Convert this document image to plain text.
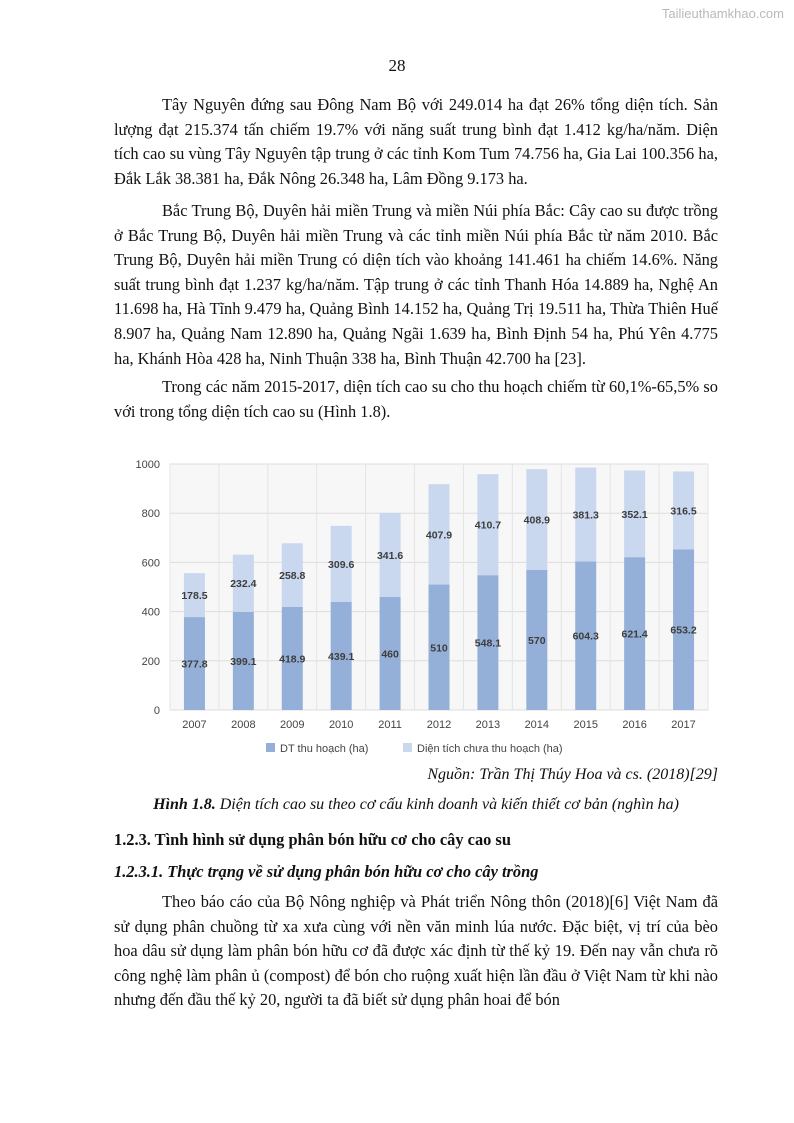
Tailieuthamkhao.com
28

Tây Nguyên đứng sau Đông Nam Bộ với 249.014 ha đạt 26% tổng diện tích. Sản lượng đạt 215.374 tấn chiếm 19.7% với năng suất trung bình đạt 1.412 kg/ha/năm. Diện tích cao su vùng Tây Nguyên tập trung ở các tỉnh Kom Tum 74.756 ha, Gia Lai 100.356 ha, Đắk Lắk 38.381 ha, Đắk Nông 26.348 ha, Lâm Đồng 9.173 ha.

Bắc Trung Bộ, Duyên hải miền Trung và miền Núi phía Bắc: Cây cao su được trồng ở Bắc Trung Bộ, Duyên hải miền Trung và các tỉnh miền Núi phía Bắc từ năm 2010. Bắc Trung Bộ, Duyên hải miền Trung có diện tích vào khoảng 141.461 ha chiếm 14.6%. Năng suất trung bình đạt 1.237 kg/ha/năm. Tập trung ở các tỉnh Thanh Hóa 14.889 ha, Nghệ An 11.698 ha, Hà Tĩnh 9.479 ha, Quảng Bình 14.152 ha, Quảng Trị 19.511 ha, Thừa Thiên Huế 8.907 ha, Quảng Nam 12.890 ha, Quảng Ngãi 1.639 ha, Bình Định 54 ha, Phú Yên 4.775 ha, Khánh Hòa 428 ha, Ninh Thuận 338 ha, Bình Thuận 42.700 ha [23].

Trong các năm 2015-2017, diện tích cao su cho thu hoạch chiếm từ 60,1%-65,5% so với trong tổng diện tích cao su (Hình 1.8).

0
200
400
600
800
1000
377.8
178.5
399.1
232.4
418.9
258.8
439.1
309.6
460
341.6
510
407.9
548.1
410.7
570
408.9
604.3
381.3
621.4
352.1
653.2
316.5
2007 2008 2009 2010 2011 2012 2013 2014 2015 2016 2017
DT thu hoạch (ha)	Diện tích chưa thu hoạch (ha)
Nguồn: Trần Thị Thúy Hoa và cs. (2018)[29]
Hình 1.8. Diện tích cao su theo cơ cấu kinh doanh và kiến thiết cơ bản (nghìn ha)
1.2.3. Tình hình sử dụng phân bón hữu cơ cho cây cao su
1.2.3.1. Thực trạng về sử dụng phân bón hữu cơ cho cây trồng

Theo báo cáo của Bộ Nông nghiệp và Phát triển Nông thôn (2018)[6] Việt Nam đã sử dụng phân chuồng từ xa xưa cùng với nền văn minh lúa nước. Đặc biệt, vị trí của bèo hoa dâu sử dụng làm phân bón hữu cơ đã được xác định từ thế kỷ 19. Đến nay vẫn chưa rõ công nghệ làm phân ủ (compost) để bón cho ruộng xuất hiện lần đầu ở Việt Nam từ khi nào nhưng đến đầu thế kỷ 20, người ta đã biết sử dụng phân hoai để bón
